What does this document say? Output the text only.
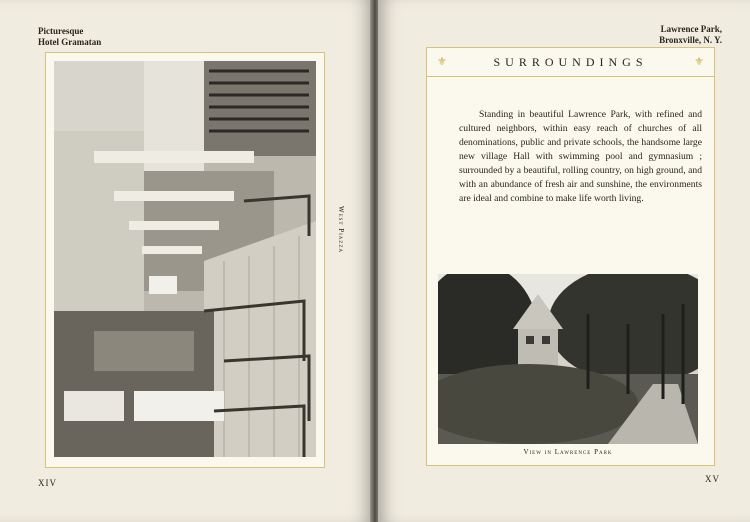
Picturesque
Hotel Gramatan
West Piazza
XIV
Lawrence Park,
Bronxville, N. Y.
⚜	SURROUNDINGS	⚜
Standing in beautiful Lawrence Park, with refined and cultured neighbors, within easy reach of churches of all denominations, public and private schools, the handsome large new village Hall with swimming pool and gymnasium ; surrounded by a beautiful, rolling country, on high ground, and with an abundance of fresh air and sunshine, the environments are ideal and combine to make life worth living.
View in Lawrence Park
XV
